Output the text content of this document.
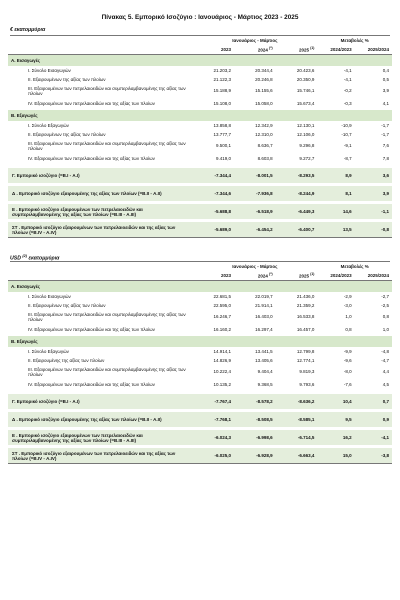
Πίνακας 5. Εμπορικό Ισοζύγιο : Ιανουάριος - Μάρτιος 2023 - 2025
€ εκατομμύρια
	Ιανουάριος - Μάρτιος			Μεταβολές %	
	2023	2024 (*)	2025 $^{(1)}$	2024/2023	2025/2024
Α. Εισαγωγές					
I. Σύνολο Εισαγωγών	21.203,2	20.344,4	20.423,6	-4,1	0,4
II. Εξαιρουμένων της αξίας των πλοίων	21.122,3	20.246,8	20.350,9	-4,1	0,5
III. Εξαιρουμένων των πετρελαιοειδών και συμπεριλαμβανομένης της αξίας των πλοίων	15.188,9	15.155,6	15.746,1	-0,2	3,9
IV. Εξαιρουμένων των πετρελαιοειδών και της αξίας των πλοίων	15.108,0	15.058,0	15.673,4	-0,3	4,1
Β. Εξαγωγές					
I. Σύνολο Εξαγωγών	13.858,8	12.342,9	12.130,1	-10,9	-1,7
II. Εξαιρουμένων της αξίας των πλοίων	13.777,7	12.310,0	12.106,0	-10,7	-1,7
III. Εξαιρουμένων των πετρελαιοειδών και συμπεριλαμβανομένης της αξίας των πλοίων	9.500,1	8.636,7	9.296,8	-9,1	7,6
IV. Εξαιρουμένων των πετρελαιοειδών και της αξίας των πλοίων	9.419,0	8.603,8	9.272,7	-8,7	7,8

Γ. Εμπορικό ισοζύγιο (=Β.I - Α.I)	-7.344,4	-8.001,5	-8.293,5	8,9	3,6

Δ . Εμπορικό ισοζύγιο εξαιρουμένης της αξίας των πλοίων (=Β.II - Α.II)	-7.344,6	-7.936,8	-8.244,9	8,1	3,9

Ε . Εμπορικό ισοζύγιο εξαιρουμένων των πετρελαιοειδών και συμπεριλαμβανομένης της αξίας των πλοίων (=Β.III - Α.III)	-5.688,8	-6.518,9	-6.449,3	14,6	-1,1

ΣΤ . Εμπορικό ισοζύγιο εξαιρουμένων των πετρελαιοειδών και της αξίας των πλοίων (=Β.IV - Α.IV)	-5.689,0	-6.454,2	-6.400,7	13,5	-0,8
USD $^{(2)}$ εκατομμύρια
	Ιανουάριος - Μάρτιος			Μεταβολές %	
	2023	2024 (*)	2025 $^{(1)}$	2024/2023	2025/2024
Α. Εισαγωγές					
I. Σύνολο Εισαγωγών	22.681,5	22.019,7	21.436,0	-2,9	-2,7
II. Εξαιρουμένων της αξίας των πλοίων	22.595,0	21.914,1	21.359,2	-3,0	-2,5
III. Εξαιρουμένων των πετρελαιοειδών και συμπεριλαμβανομένης της αξίας των πλοίων	16.246,7	16.403,0	16.533,8	1,0	0,8
IV. Εξαιρουμένων των πετρελαιοειδών και της αξίας των πλοίων	16.160,2	16.297,4	16.457,0	0,8	1,0
Β. Εξαγωγές					
I. Σύνολο Εξαγωγών	14.914,1	13.441,5	12.799,8	-9,9	-4,8
II. Εξαιρουμένης της αξίας των πλοίων	14.826,9	13.405,6	12.774,1	-9,6	-4,7
III. Εξαιρουμένων των πετρελαιοειδών και συμπεριλαμβανομένης της αξίας των πλοίων	10.222,4	9.404,4	9.819,3	-8,0	4,4
IV. Εξαιρουμένων των πετρελαιοειδών και της αξίας των πλοίων	10.135,2	9.368,5	9.793,6	-7,6	4,5

Γ. Εμπορικό ισοζύγιο (=Β.I - Α.I)	-7.767,4	-8.578,2	-8.636,2	10,4	0,7

Δ . Εμπορικό ισοζύγιο εξαιρουμένης της αξίας των πλοίων (=Β.II - Α.II)	-7.768,1	-8.508,5	-8.585,1	9,5	0,9

Ε . Εμπορικό ισοζύγιο εξαιρουμένων των πετρελαιοειδών και συμπεριλαμβανομένης της αξίας των πλοίων (=Β.III - Α.III)	-6.024,3	-6.998,6	-6.714,5	16,2	-4,1

ΣΤ . Εμπορικό ισοζύγιο εξαιρουμένων των πετρελαιοειδών και της αξίας των πλοίων (=Β.IV - Α.IV)	-6.025,0	-6.928,9	-6.663,4	15,0	-3,8
